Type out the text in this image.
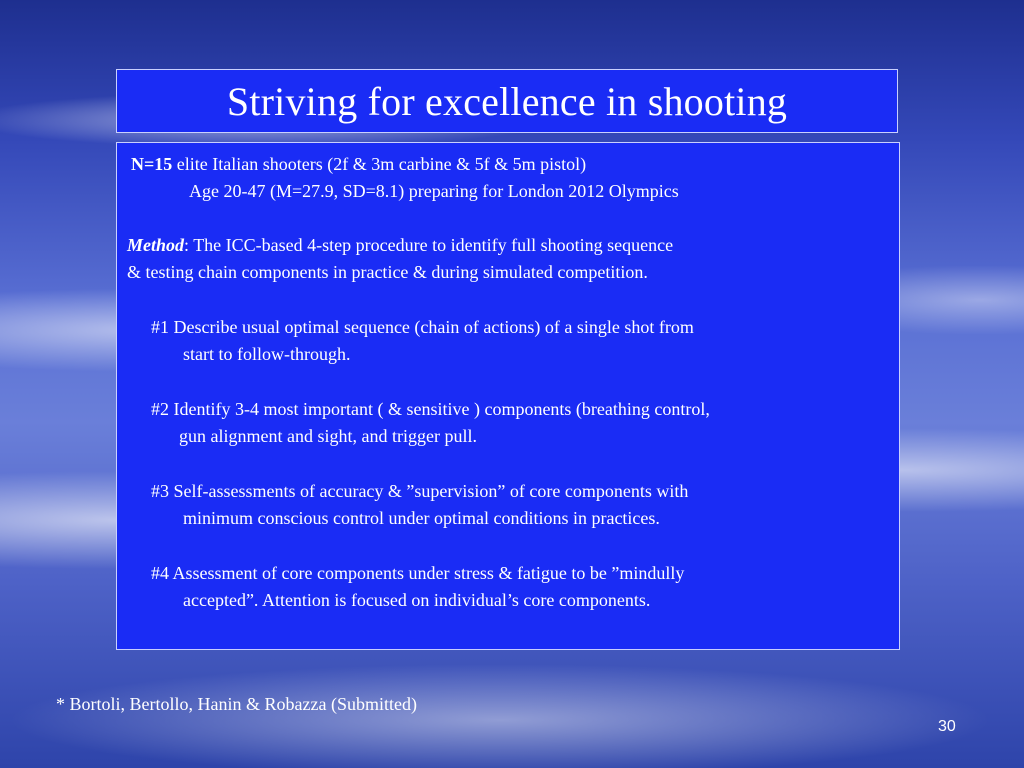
Striving for excellence in shooting
N=15 elite Italian shooters (2f & 3m carbine & 5f & 5m pistol)
Age 20-47 (M=27.9, SD=8.1) preparing for London 2012 Olympics
Method: The ICC-based 4-step procedure to identify full shooting sequence
& testing chain components in practice & during simulated competition.
#1 Describe usual optimal sequence (chain of actions) of a single shot from
start to follow-through.
#2 Identify 3-4 most important ( & sensitive ) components (breathing control,
gun alignment and sight, and trigger pull.
#3 Self-assessments of accuracy & ”supervision” of core components with
minimum conscious control under optimal conditions in practices.
#4 Assessment of core components under stress & fatigue to be ”mindully
accepted”. Attention is focused on individual’s core components.
* Bortoli, Bertollo, Hanin & Robazza (Submitted)
30
